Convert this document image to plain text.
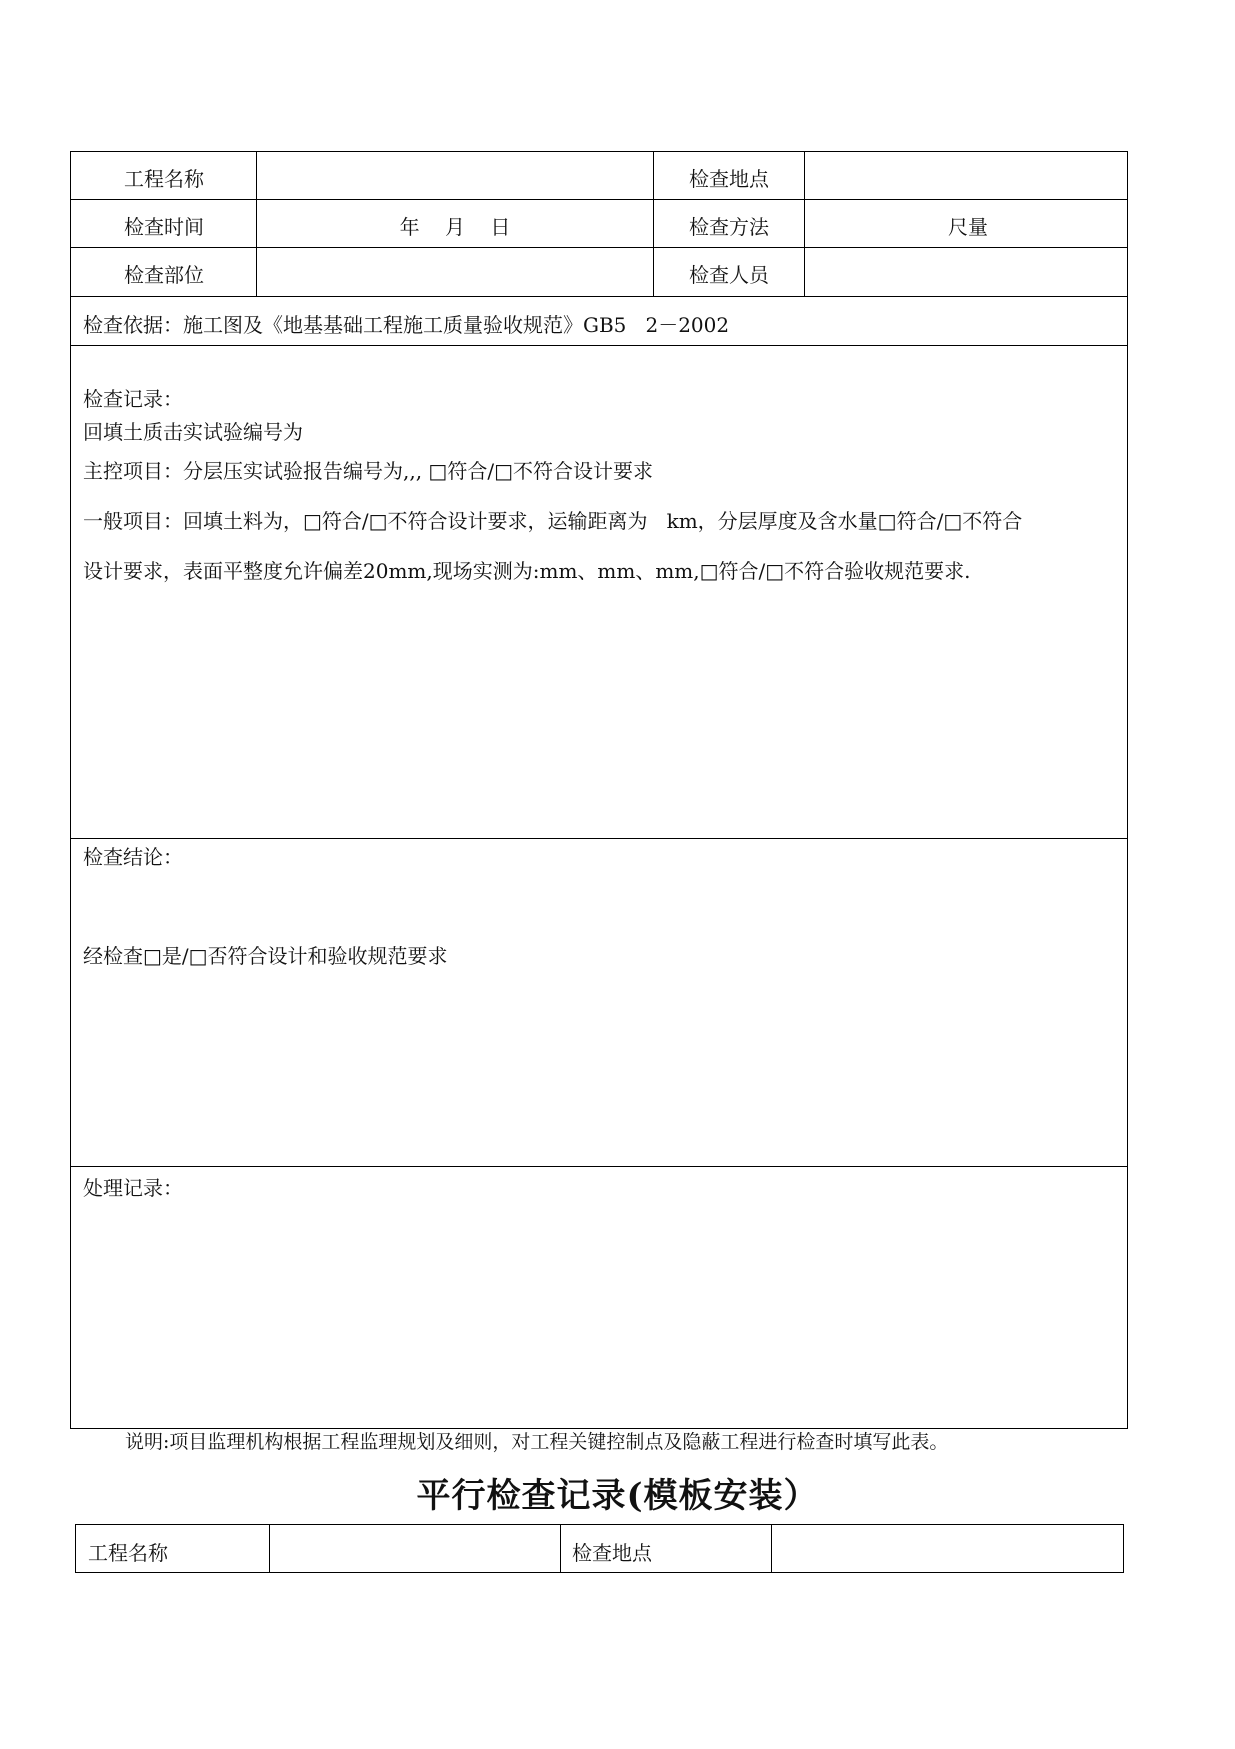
工程名称	检查地点
检查时间	年    月    日	检查方法	尺量
检查部位	检查人员
检查依据：施工图及《地基基础工程施工质量验收规范》GB5   2－2002
检查记录：
回填土质击实试验编号为
主控项目：分层压实试验报告编号为,,, □符合/□不符合设计要求
一般项目：回填土料为，□符合/□不符合设计要求，运输距离为   km，分层厚度及含水量□符合/□不符合
设计要求，表面平整度允许偏差20mm,现场实测为:mm、mm、mm,□符合/□不符合验收规范要求.
检查结论：
经检查□是/□否符合设计和验收规范要求
处理记录：
说明:项目监理机构根据工程监理规划及细则，对工程关键控制点及隐蔽工程进行检查时填写此表。
平行检查记录(模板安装）
工程名称	检查地点
